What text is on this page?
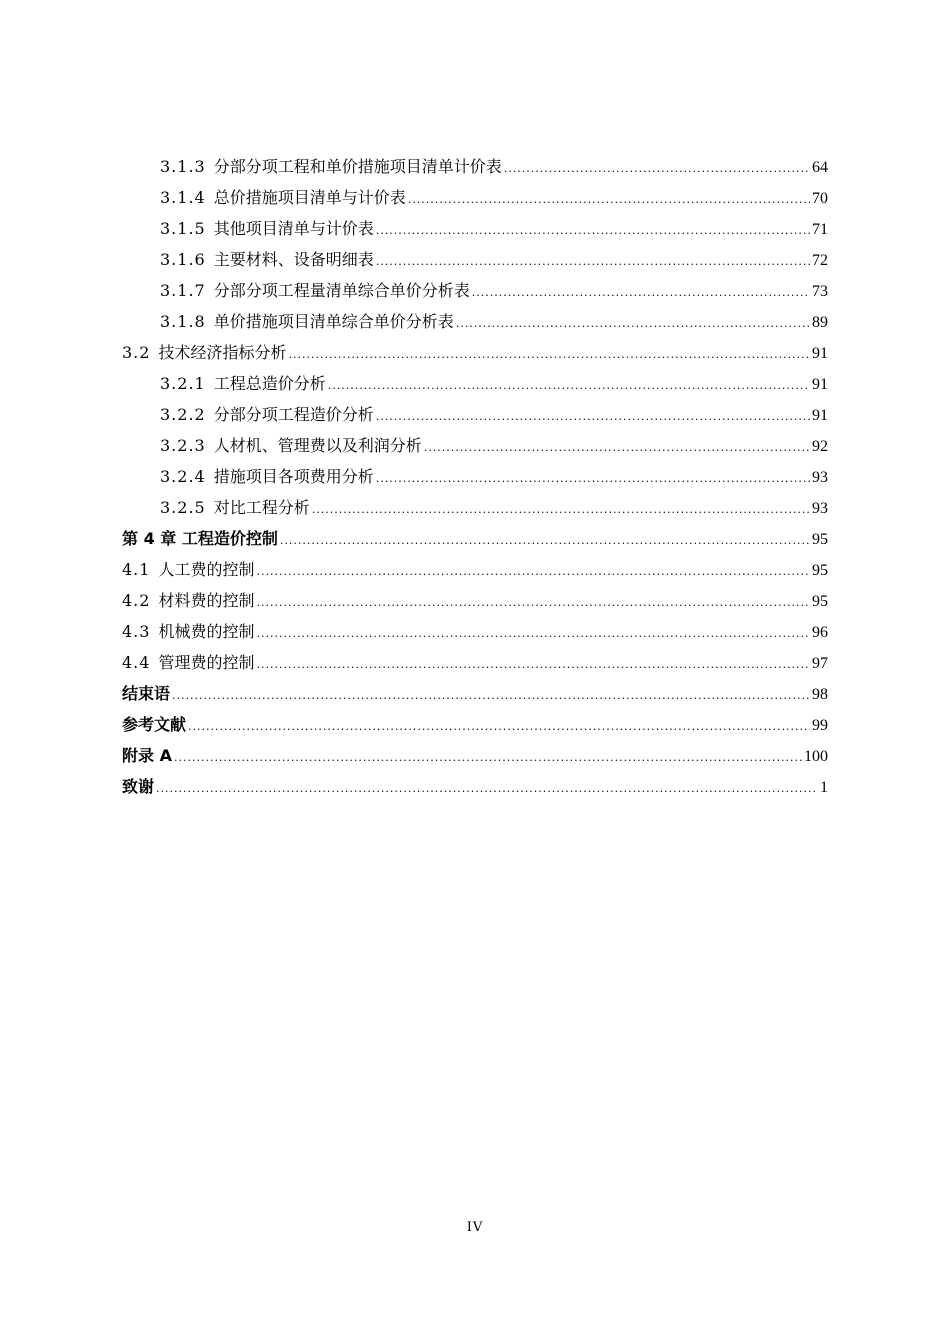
3.1.3 分部分项工程和单价措施项目清单计价表 .....	64
3.1.4 总价措施项目清单与计价表 .....	70
3.1.5 其他项目清单与计价表 .....	71
3.1.6 主要材料、设备明细表 .....	72
3.1.7 分部分项工程量清单综合单价分析表 .....	73
3.1.8 单价措施项目清单综合单价分析表 .....	89
3.2 技术经济指标分析 .....	91
3.2.1 工程总造价分析 .....	91
3.2.2 分部分项工程造价分析 .....	91
3.2.3 人材机、管理费以及利润分析 .....	92
3.2.4 措施项目各项费用分析 .....	93
3.2.5 对比工程分析 .....	93
第 4 章 工程造价控制 .....	95
4.1 人工费的控制 .....	95
4.2 材料费的控制 .....	95
4.3 机械费的控制 .....	96
4.4 管理费的控制 .....	97
结束语 .....	98
参考文献 .....	99
附录 A .....	100
致谢 .....	1
IV
